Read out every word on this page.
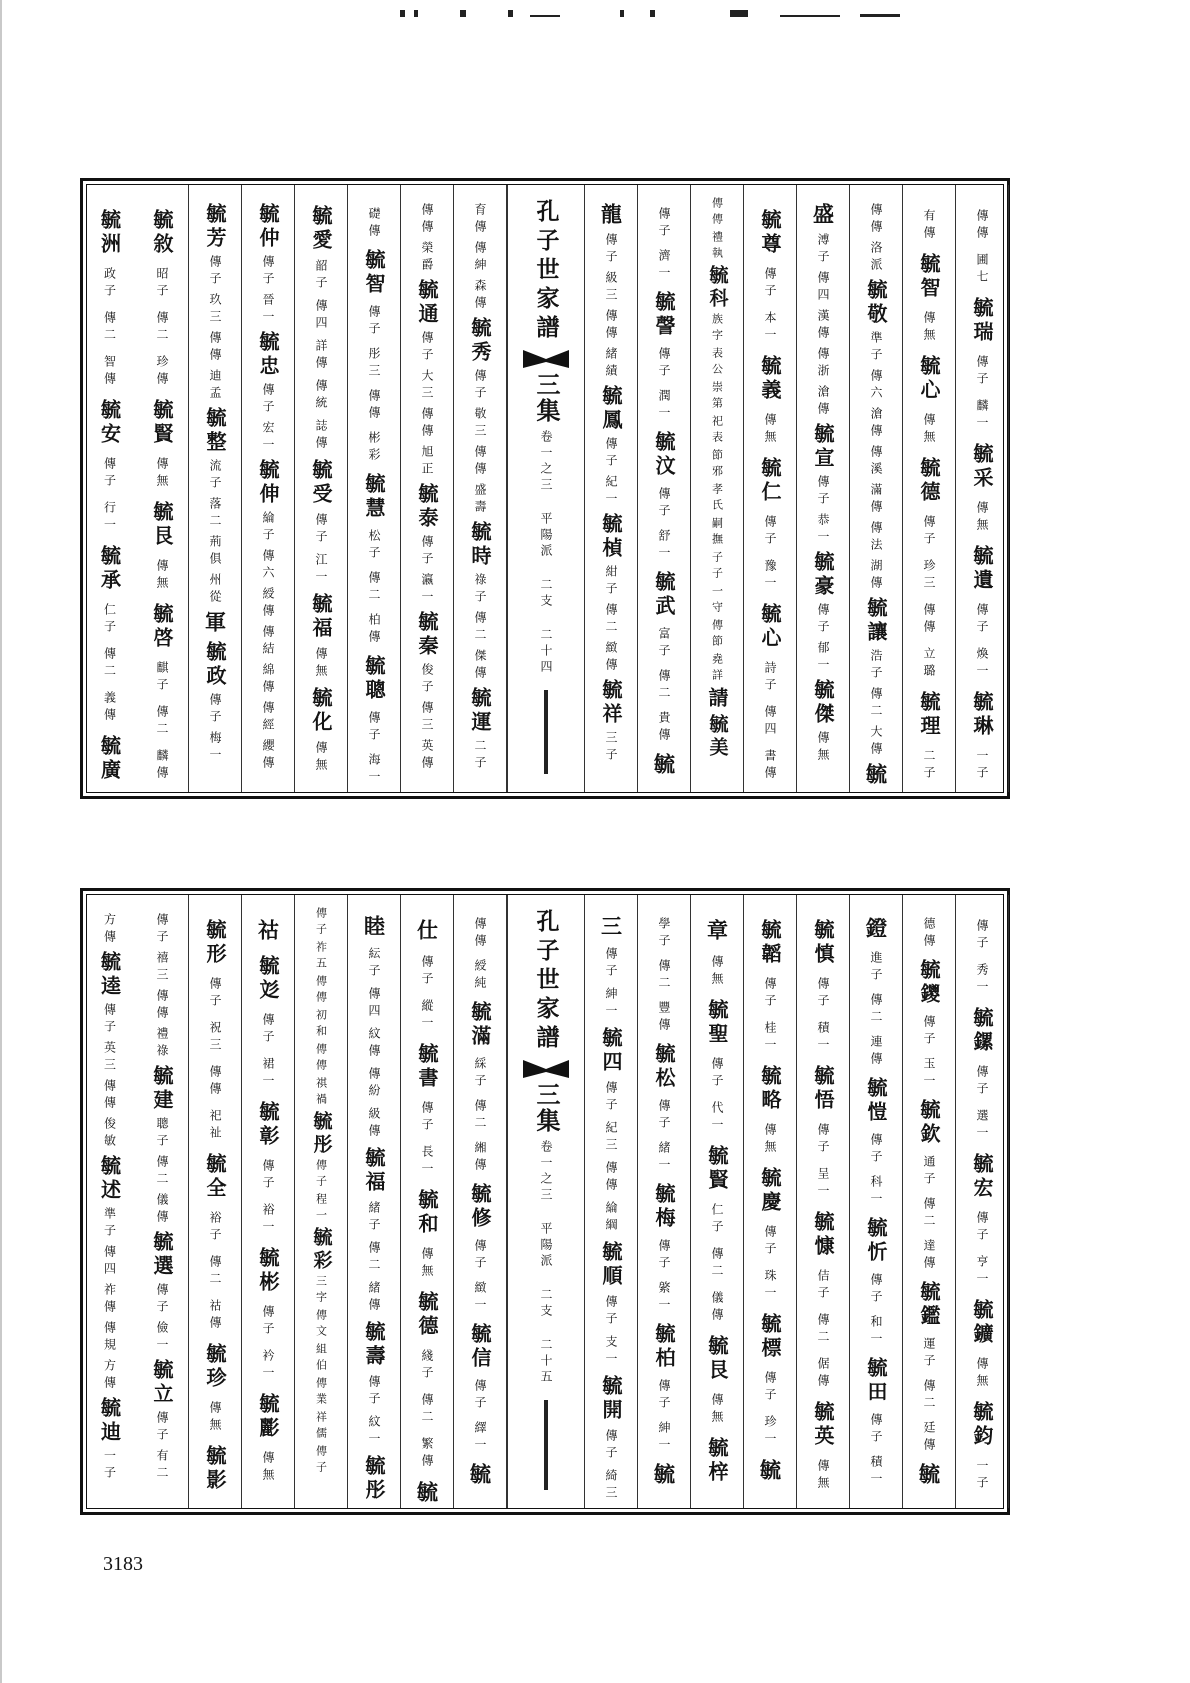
傳傳
圃七
毓瑞
傳子
麟一
毓采
傳無
毓遺
傳子
煥一
毓琳
一子
有傳
毓智
傳無
毓心
傳無
毓德
傳子
珍三
傳傳
立璐
毓理
二子
傳傳
洛派
毓敬
準子
傳六
滄傳
傳溪
滿傳
傳法
湖傳
毓讓
浩子
傳二
大傳
毓
盛
溥子
傳四
漢傳
傳浙
滄傳
毓宣
傳子
恭一
毓豪
傳子
郁一
毓傑
傳無
毓尊
傳子
本一
毓義
傳無
毓仁
傳子
豫一
毓心
詩子
傳四
書傳
傳傳
禮執
毓科
族字
表公
崇第
祀表
節邪
孝氏
嗣撫
子子
一守
傳節
堯詳
請
毓美
傳子
濟一
毓謦
傳子
潤一
毓汶
傳子
舒一
毓武
富子
傳二
貴傳
毓
龍
傳子
級三
傳傳
緒績
毓鳳
傳子
紀一
毓楨
紺子
傳二
緻傳
毓祥
三子
孔子世家譜
三集
卷一之三 平陽派 二支 二十四
育傳
傳紳
森傳
毓秀
傳子
敬三
傳傳
盛壽
毓時
祿子
傳二
傑傳
毓運
二子
傳傳
榮爵
毓通
傳子
大三
傳傳
旭正
毓泰
傳子
瀛一
毓秦
俊子
傳三
英傳
礎傳
毓智
傳子
彤三
傳傳
彬彩
毓慧
松子
傳二
柏傳
毓聰
傳子
海一
毓愛
韶子
傳四
詳傳
傳統
誌傳
毓受
傳子
江一
毓福
傳無
毓化
傳無
毓仲
傳子
晉一
毓忠
傳子
宏一
毓伸
綸子
傳六
綬傳
傳結
綿傳
傳經
纓傳
毓芳
傳子
玖三
傳傳
迪孟
毓整
流子
落二
荊俱
州從
軍
毓政
傳子
梅一
毓敘
昭子
傳二
珍傳
毓賢
傳無
毓艮
傳無
毓啓
麒子
傳二
麟傳
毓洲
政子
傳二
智傳
毓安
傳子
行一
毓承
仁子
傳二
義傳
毓廣
傳子
秀一
毓鏍
傳子
選一
毓宏
傳子
亨一
毓鑛
傳無
毓鈞
一子
德傳
毓鑁
傳子
玉一
毓欽
通子
傳二
達傳
毓鑑
運子
傳二
廷傳
毓
鐙
進子
傳二
連傳
毓愷
傳子
科一
毓忻
傳子
和一
毓田
傳子
積一
毓慎
傳子
積一
毓悟
傳子
呈一
毓慷
佶子
傳二
倨傳
毓英
傳無
毓韜
傳子
桂一
毓略
傳無
毓慶
傳子
珠一
毓標
傳子
珍一
毓
章
傳無
毓聖
傳子
代一
毓賢
仁子
傳二
儀傳
毓艮
傳無
毓梓
學子
傳二
豐傳
毓松
傳子
緒一
毓梅
傳子
綮一
毓柏
傳子
紳一
毓
三
傳子
紳一
毓四
傳子
紀三
傳傳
綸綱
毓順
傳子
支一
毓開
傳子
綺三
孔子世家譜
三集
卷一之三 平陽派 二支 二十五
傳傳
綬純
毓滿
綵子
傳二
緗傳
毓修
傳子
緻一
毓信
傳子
繹一
毓
仕
傳子
縱一
毓書
傳子
長一
毓和
傳無
毓德
綫子
傳二
繁傳
毓
睦
紜子
傳四
紋傳
傳紛
級傳
毓福
緒子
傳二
緒傳
毓壽
傳子
紋一
毓彤
傳子
祚五
傳傳
初和
傳傳
祺禍
毓彤
傳子
程一
毓彩
三字
傳文
組伯
傳業
祥儒
傳子
祜
毓彣
傳子
裙一
毓彰
傳子
裕一
毓彬
傳子
衿一
毓彲
傳無
毓形
傳子
祝三
傳傳
祀祉
毓全
裕子
傳二
祜傳
毓珍
傳無
毓影
傳子
禧三
傳傳
禮祿
毓建
聰子
傳二
儀傳
毓選
傳子
儉一
毓立
傳子
有二
方傳
毓逵
傳子
英三
傳傳
俊敏
毓述
準子
傳四
祚傳
傳規
方傳
毓迪
一子
3183
